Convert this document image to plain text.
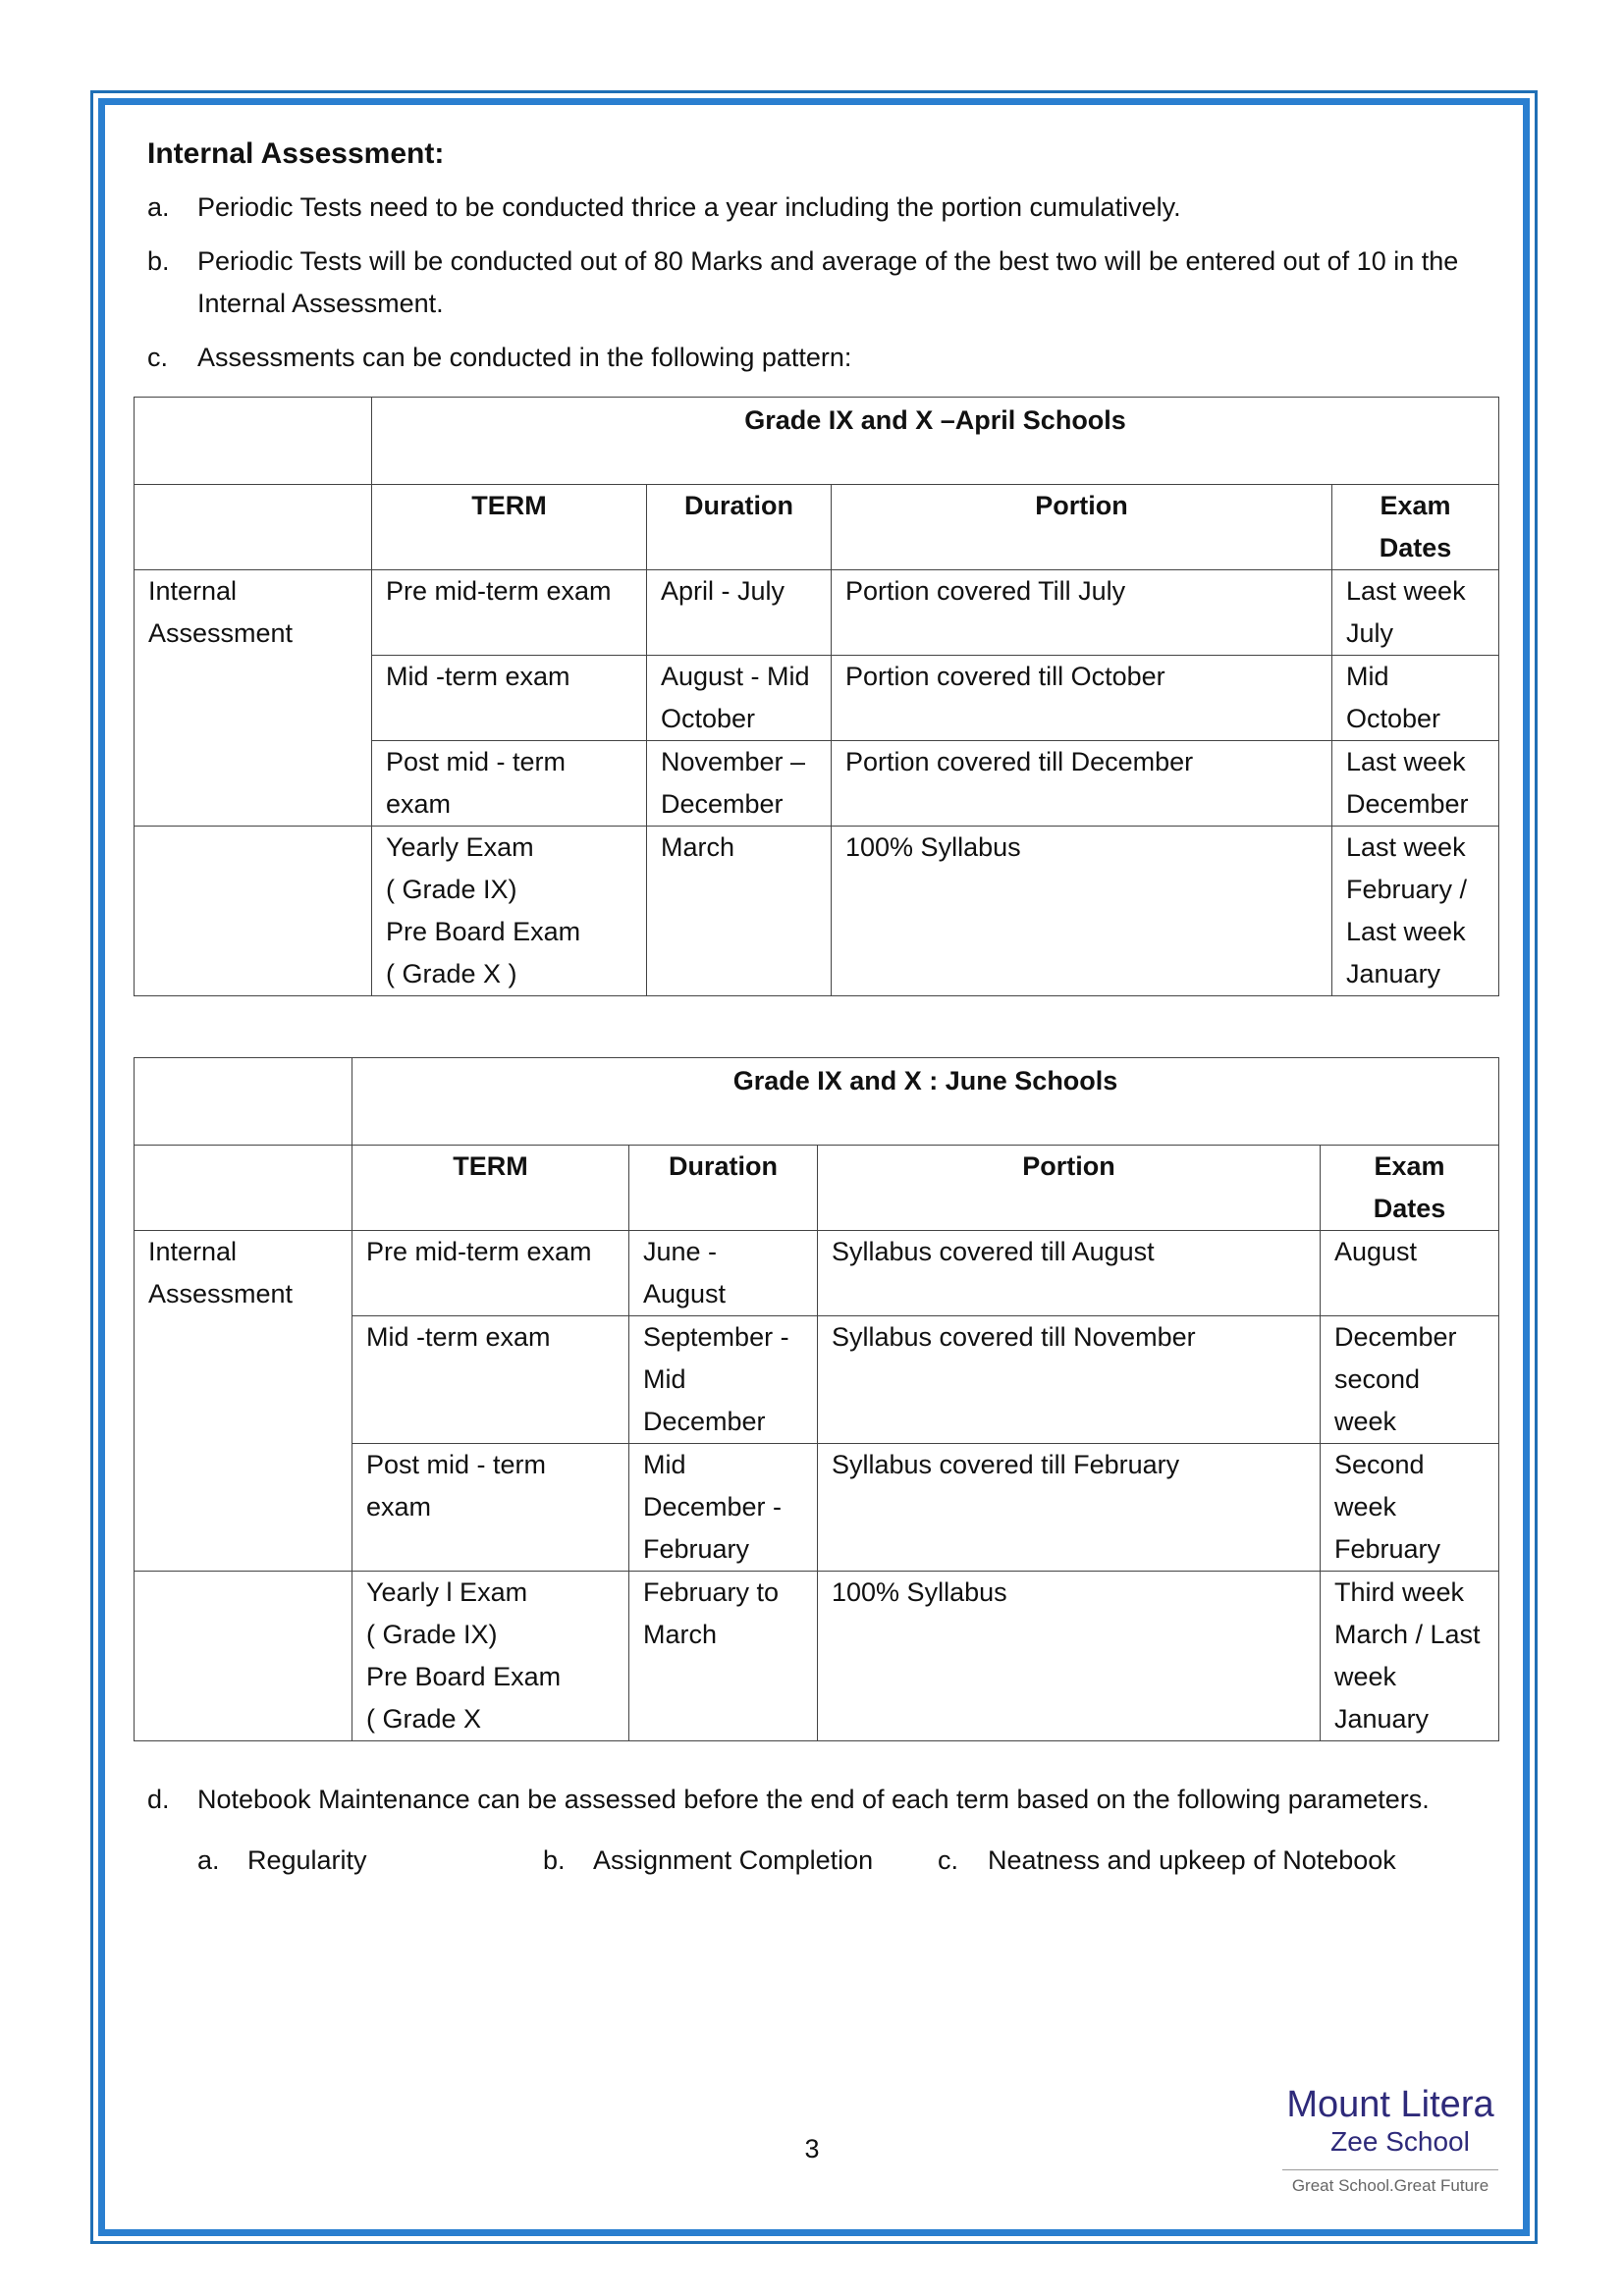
Internal Assessment:
a.	Periodic Tests need to be conducted thrice a year including the portion cumulatively.
b.	Periodic Tests will be conducted out of 80 Marks and average of the best two will be entered out of 10 in the Internal Assessment.
c.	Assessments can be conducted in the following pattern:
	Grade IX and X –April Schools			
	TERM	Duration	Portion	Exam Dates
Internal Assessment	Pre mid-term exam	April - July	Portion covered Till July	Last week July
	Mid -term exam	August - Mid October	Portion covered till October	Mid October
	Post mid - term exam	November – December	Portion covered till December	Last week December

	Yearly Exam
( Grade IX)
Pre Board Exam
( Grade X )	March	100% Syllabus	Last week February / Last week January
	Grade IX and X : June Schools			
	TERM	Duration	Portion	Exam Dates
Internal Assessment	Pre mid-term exam	June - August	Syllabus covered till August	August
	Mid -term exam	September - Mid December	Syllabus covered till November	December second week
	Post mid - term exam	Mid December - February	Syllabus covered till February	Second week February

	Yearly l Exam
( Grade IX)
Pre Board Exam
( Grade X	February to March	100% Syllabus	Third week March / Last week January
d.	Notebook Maintenance can be assessed before the end of each term based on the following parameters.
a.	Regularity	b.	Assignment Completion c.	Neatness and upkeep of Notebook
3
Mount Litera
Zee School
Great School.Great Future
